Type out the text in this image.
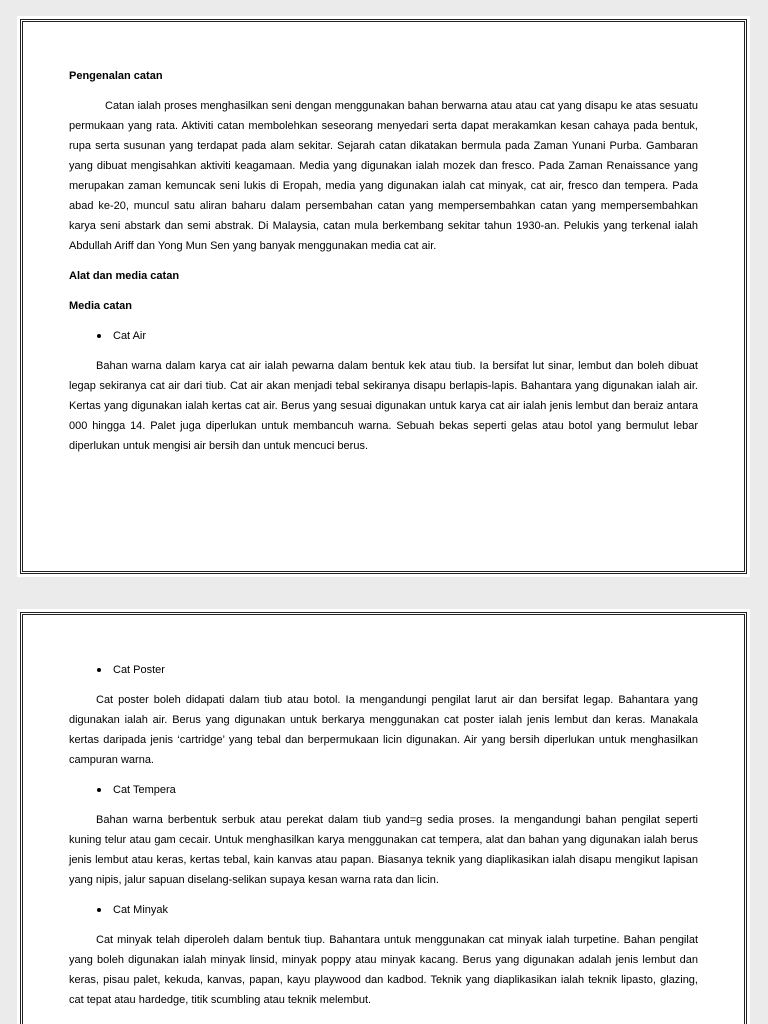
Pengenalan catan

Catan ialah proses menghasilkan seni dengan menggunakan bahan berwarna atau atau cat yang disapu ke atas sesuatu permukaan yang rata. Aktiviti catan membolehkan seseorang menyedari serta dapat merakamkan kesan cahaya pada bentuk, rupa serta susunan yang terdapat pada alam sekitar. Sejarah catan dikatakan bermula pada Zaman Yunani Purba. Gambaran yang dibuat mengisahkan aktiviti keagamaan. Media yang digunakan ialah mozek dan fresco. Pada Zaman Renaissance yang merupakan zaman kemuncak seni lukis di Eropah, media yang digunakan ialah cat minyak, cat air, fresco dan tempera. Pada abad ke-20, muncul satu aliran baharu dalam persembahan catan yang mempersembahkan catan yang mempersembahkan karya seni abstark dan semi abstrak. Di Malaysia, catan mula berkembang sekitar tahun 1930-an. Pelukis yang terkenal ialah Abdullah Ariff dan Yong Mun Sen yang banyak menggunakan media cat air.

Alat dan media catan
Media catan
Cat Air

Bahan warna dalam karya cat air ialah pewarna dalam bentuk kek atau tiub. Ia bersifat lut sinar, lembut dan boleh dibuat legap sekiranya cat air dari tiub. Cat air akan menjadi tebal sekiranya disapu berlapis-lapis. Bahantara yang digunakan ialah air. Kertas yang digunakan ialah kertas cat air. Berus yang sesuai digunakan untuk karya cat air ialah jenis lembut dan beraiz antara 000 hingga 14. Palet juga diperlukan untuk membancuh warna. Sebuah bekas seperti gelas atau botol yang bermulut lebar diperlukan untuk mengisi air bersih dan untuk mencuci berus.

Cat Poster

Cat poster boleh didapati dalam tiub atau botol. Ia mengandungi pengilat larut air dan bersifat legap. Bahantara yang digunakan ialah air. Berus yang digunakan untuk berkarya menggunakan cat poster ialah jenis lembut dan keras. Manakala kertas daripada jenis ‘cartridge’ yang tebal dan berpermukaan licin digunakan. Air yang bersih diperlukan untuk menghasilkan campuran warna.

Cat Tempera

Bahan warna berbentuk serbuk atau perekat dalam tiub yand=g sedia proses. Ia mengandungi bahan pengilat seperti kuning telur atau gam cecair. Untuk menghasilkan karya menggunakan cat tempera, alat dan bahan yang digunakan ialah berus jenis lembut atau keras, kertas tebal, kain kanvas atau papan. Biasanya teknik yang diaplikasikan ialah disapu mengikut lapisan yang nipis, jalur sapuan diselang-selikan supaya kesan warna rata dan licin.

Cat Minyak

Cat minyak telah diperoleh dalam bentuk tiup. Bahantara untuk menggunakan cat minyak ialah turpetine. Bahan pengilat yang boleh digunakan ialah minyak linsid, minyak poppy atau minyak kacang. Berus yang digunakan adalah jenis lembut dan keras, pisau palet, kekuda, kanvas, papan, kayu playwood dan kadbod. Teknik yang diaplikasikan ialah teknik lipasto, glazing, cat tepat atau hardedge, titik scumbling atau teknik melembut.
